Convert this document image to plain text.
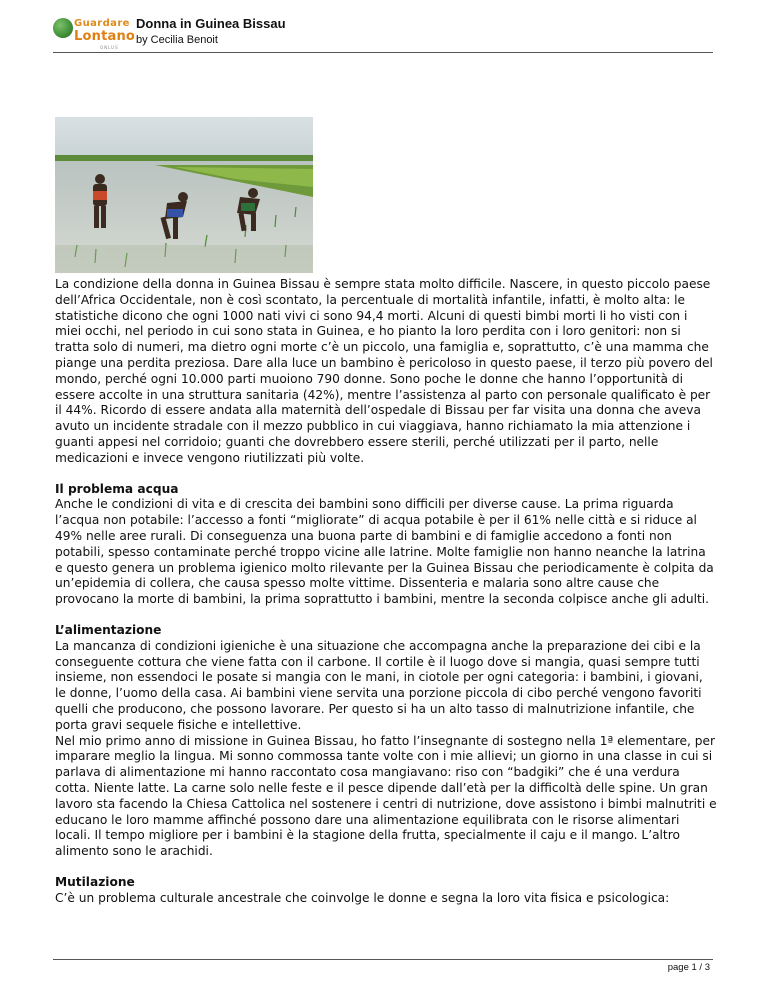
Guardare
Lontano
ONLUS
Donna in Guinea Bissau
by Cecilia Benoit

La condizione della donna in Guinea Bissau è sempre stata molto difficile. Nascere, in questo piccolo paese dell’Africa Occidentale, non è così scontato, la percentuale di mortalità infantile, infatti, è molto alta: le statistiche dicono che ogni 1000 nati vivi ci sono 94,4 morti. Alcuni di questi bimbi morti li ho visti con i miei occhi, nel periodo in cui sono stata in Guinea, e ho pianto la loro perdita con i loro genitori: non si tratta solo di numeri, ma dietro ogni morte c’è un piccolo, una famiglia e, soprattutto, c’è una mamma che piange una perdita preziosa. Dare alla luce un bambino è pericoloso in questo paese, il terzo più povero del mondo, perché ogni 10.000 parti muoiono 790 donne. Sono poche le donne che hanno l’opportunità di essere accolte in una struttura sanitaria (42%), mentre l’assistenza al parto con personale qualificato è per il 44%. Ricordo di essere andata alla maternità dell’ospedale di Bissau per far visita una donna che aveva avuto un incidente stradale con il mezzo pubblico in cui viaggiava, hanno richiamato la mia attenzione i guanti appesi nel corridoio; guanti che dovrebbero essere sterili, perché utilizzati per il parto, nelle medicazioni e invece vengono riutilizzati più volte.

Il problema acqua

Anche le condizioni di vita e di crescita dei bambini sono difficili per diverse cause. La prima riguarda l’acqua non potabile: l’accesso a fonti “migliorate” di acqua potabile è per il 61% nelle città e si riduce al 49% nelle aree rurali. Di conseguenza una buona parte di bambini e di famiglie accedono a fonti non potabili, spesso contaminate perché troppo vicine alle latrine. Molte famiglie non hanno neanche la latrina e questo genera un problema igienico molto rilevante per la Guinea Bissau che periodicamente è colpita da un’epidemia di collera, che causa spesso molte vittime. Dissenteria e malaria sono altre cause che provocano la morte di bambini, la prima soprattutto i bambini, mentre la seconda colpisce anche gli adulti.

L’alimentazione

La mancanza di condizioni igieniche è una situazione che accompagna anche la preparazione dei cibi e la conseguente cottura che viene fatta con il carbone. Il cortile è il luogo dove si mangia, quasi sempre tutti insieme, non essendoci le posate si mangia con le mani, in ciotole per ogni categoria: i bambini, i giovani, le donne, l’uomo della casa. Ai bambini viene servita una porzione piccola di cibo perché vengono favoriti quelli che producono, che possono lavorare. Per questo si ha un alto tasso di malnutrizione infantile, che porta gravi sequele fisiche e intellettive.

Nel mio primo anno di missione in Guinea Bissau, ho fatto l’insegnante di sostegno nella 1ª elementare, per imparare meglio la lingua. Mi sonno commossa tante volte con i mie allievi; un giorno in una classe in cui si parlava di alimentazione mi hanno raccontato cosa mangiavano: riso con “badgiki” che é una verdura cotta. Niente latte. La carne solo nelle feste e il pesce dipende dall’età per la difficoltà delle spine. Un gran lavoro sta facendo la Chiesa Cattolica nel sostenere i centri di nutrizione, dove assistono i bimbi malnutriti e educano le loro mamme affinché possono dare una alimentazione equilibrata con le risorse alimentari locali. Il tempo migliore per i bambini è la stagione della frutta, specialmente il caju e il mango. L’altro alimento sono le arachidi.

Mutilazione

C’è un problema culturale ancestrale che coinvolge le donne e segna la loro vita fisica e psicologica:

page 1 / 3
